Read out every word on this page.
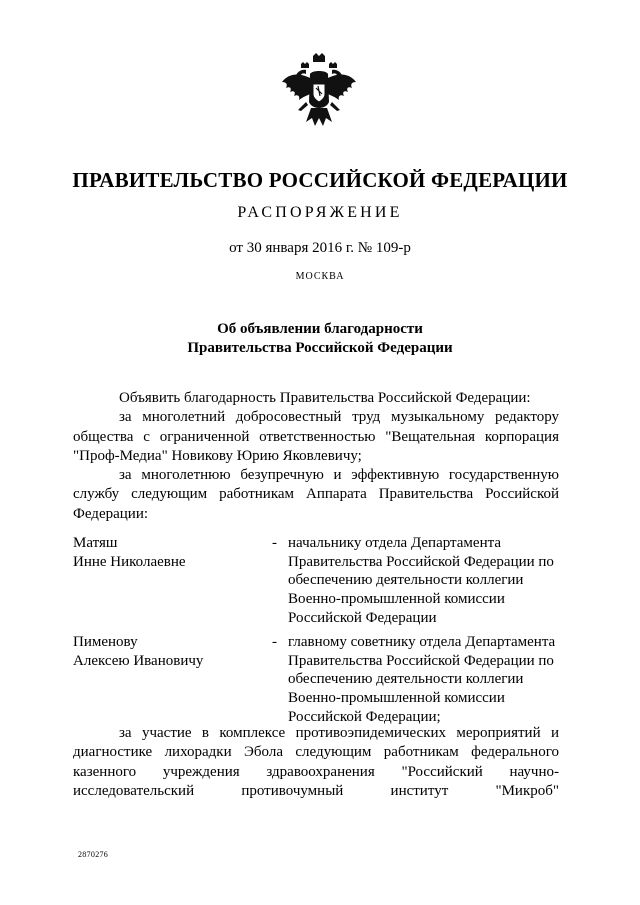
ПРАВИТЕЛЬСТВО РОССИЙСКОЙ ФЕДЕРАЦИИ
РАСПОРЯЖЕНИЕ
от 30 января 2016 г. № 109-р
МОСКВА
Об объявлении благодарности
Правительства Российской Федерации

Объявить благодарность Правительства Российской Федерации:

за многолетний добросовестный труд музыкальному редактору общества с ограниченной ответственностью "Вещательная корпорация "Проф-Медиа" Новикову Юрию Яковлевичу;

за многолетнюю безупречную и эффективную государственную службу следующим работникам Аппарата Правительства Российской Федерации:

Матяш
Инне Николаевне
- начальнику отдела Департамента Правительства Российской Федерации по обеспечению деятельности коллегии Военно-промышленной комиссии Российской Федерации
Пименову
Алексею Ивановичу
- главному советнику отдела Департамента Правительства Российской Федерации по обеспечению деятельности коллегии Военно-промышленной комиссии Российской Федерации;

за участие в комплексе противоэпидемических мероприятий и диагностике лихорадки Эбола следующим работникам федерального казенного учреждения здравоохранения "Российский научно-исследовательский противочумный институт "Микроб"

2870276
